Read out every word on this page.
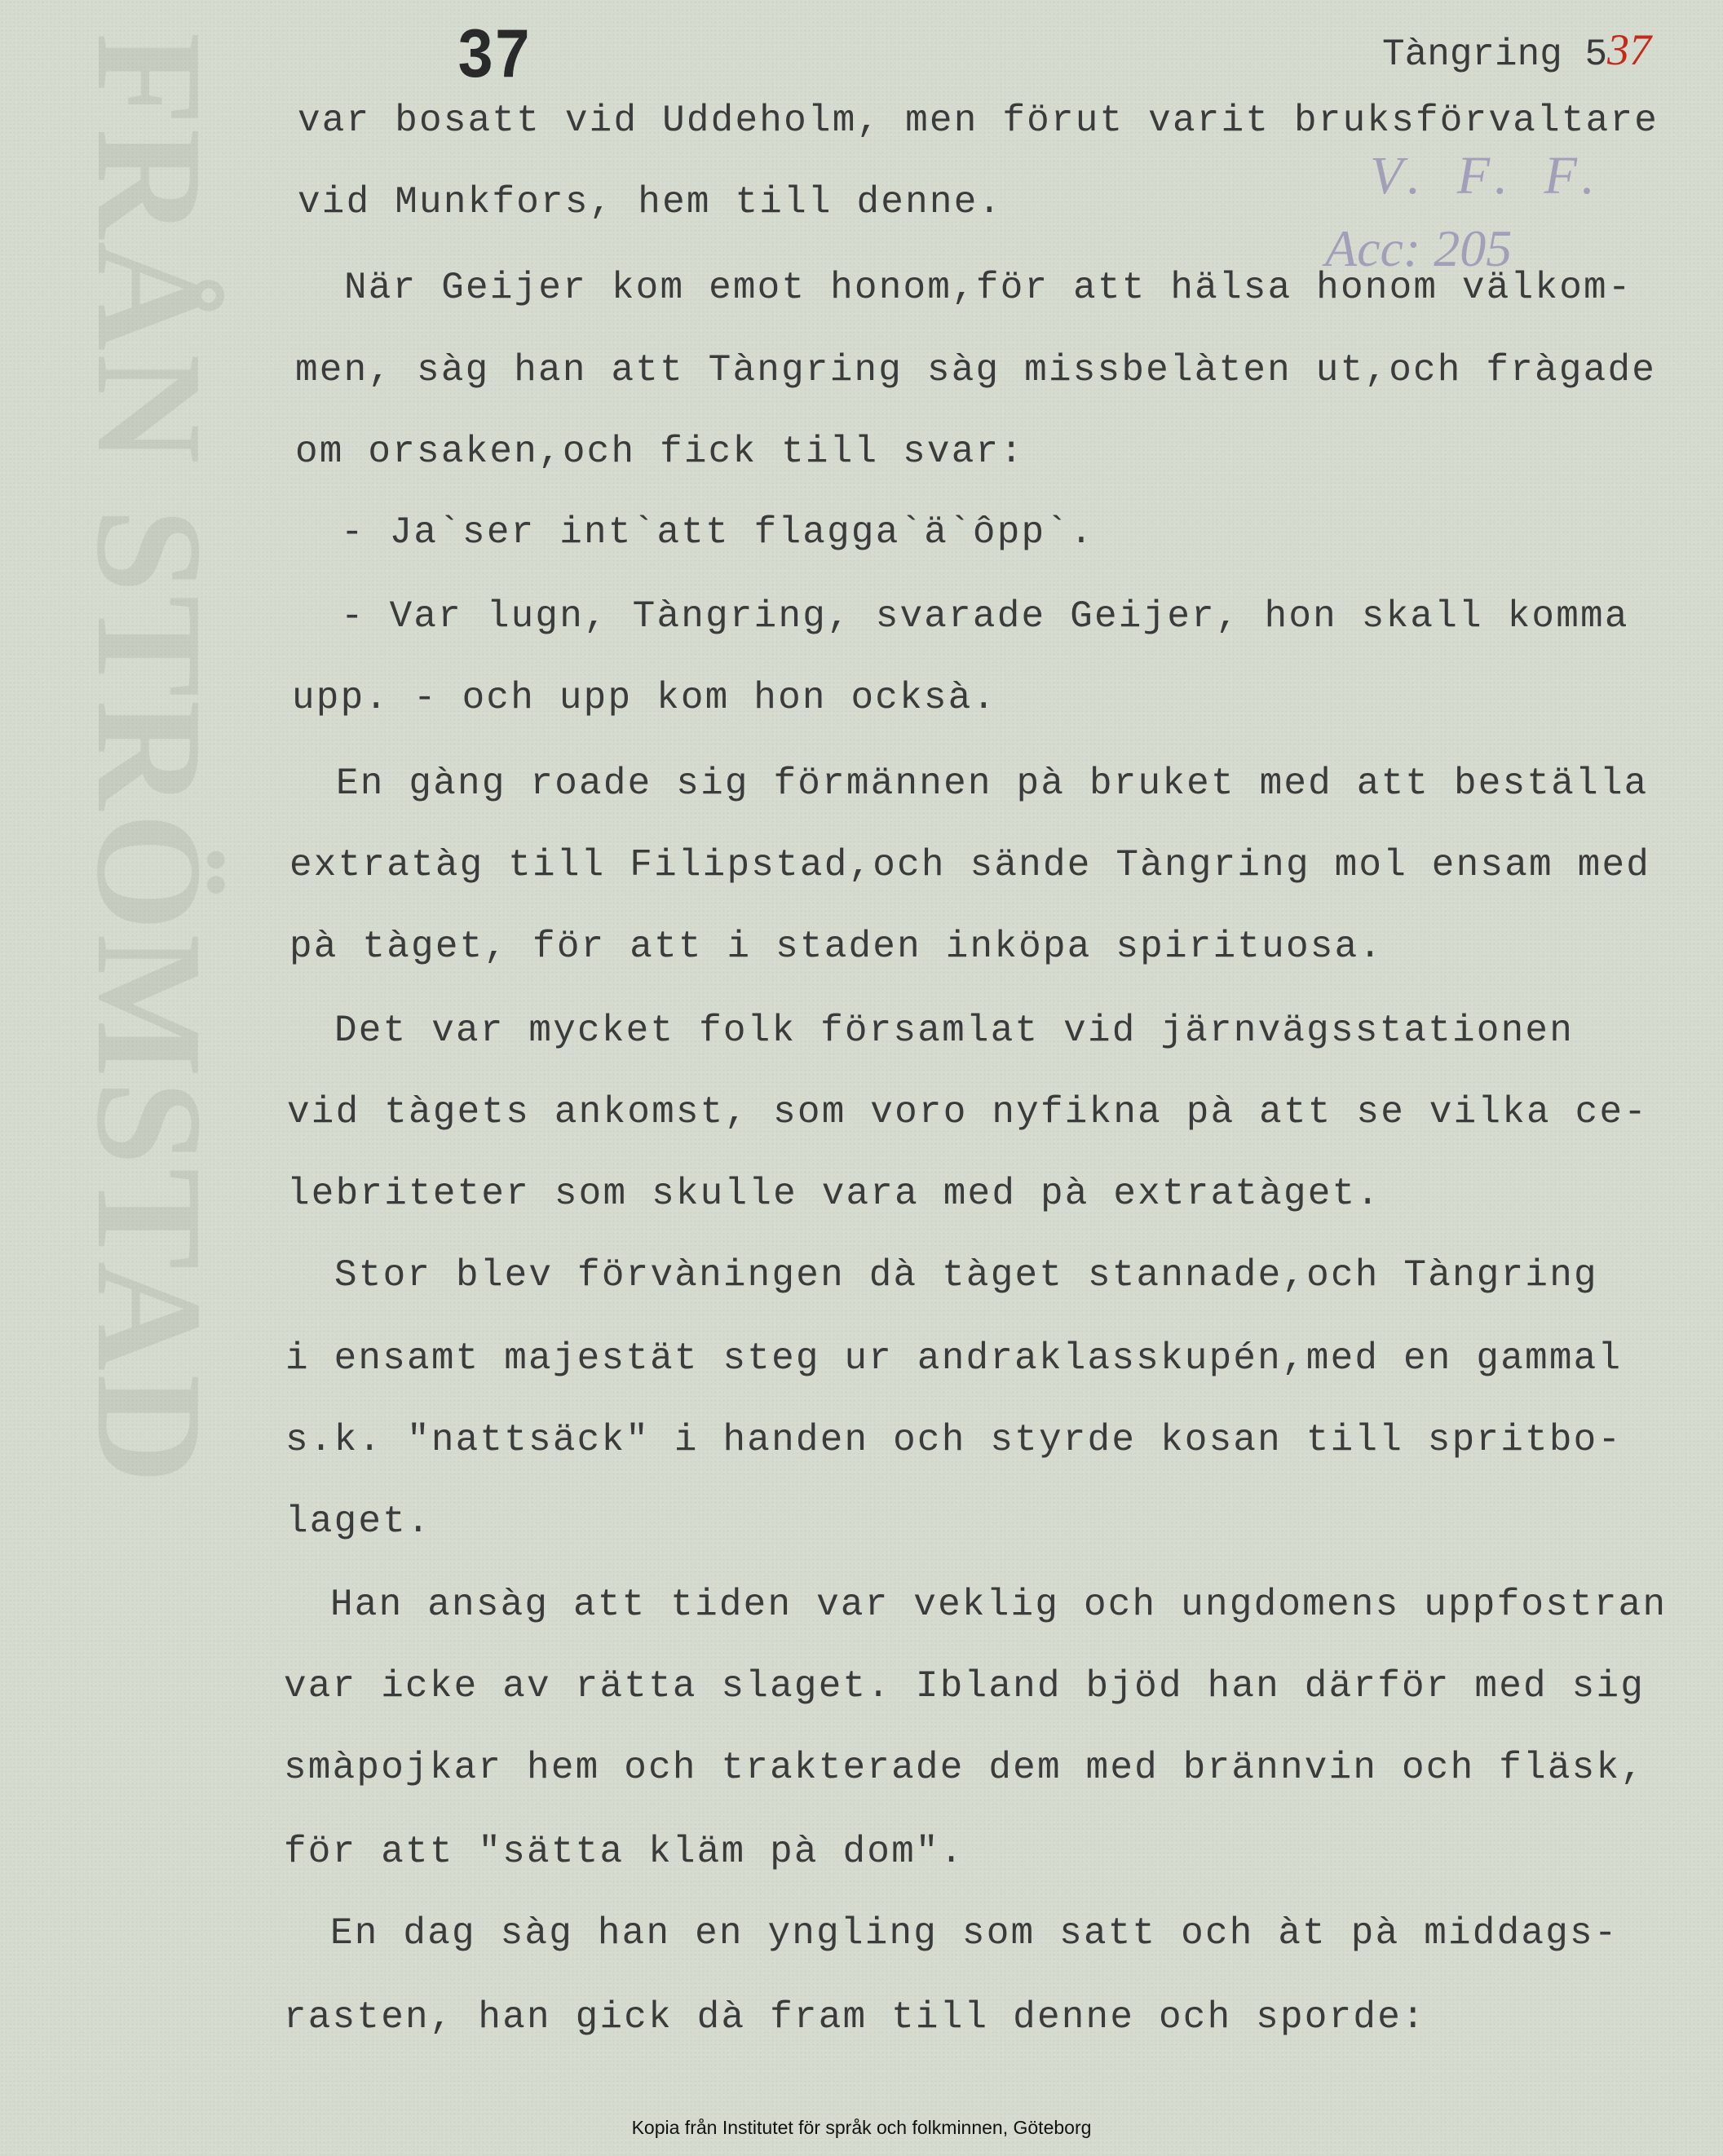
FRÅN STRÖMSTAD	37	Tàngring 537
V. F. F.
Acc: 205
var bosatt vid Uddeholm, men förut varit bruksförvaltare
vid Munkfors, hem till denne.
När Geijer kom emot honom,för att hälsa honom välkom-
men, sàg han att Tàngring sàg missbelàten ut,och fràgade
om orsaken,och fick till svar:
- Ja`ser int`att flagga`ä`ôpp`.
- Var lugn, Tàngring, svarade Geijer, hon skall komma
upp. - och upp kom hon ocksà.
En gàng roade sig förmännen pà bruket med att beställa
extratàg till Filipstad,och sände Tàngring mol ensam med
pà tàget, för att i staden inköpa spirituosa.
Det var mycket folk församlat vid järnvägsstationen
vid tàgets ankomst, som voro nyfikna pà att se vilka ce-
lebriteter som skulle vara med pà extratàget.
Stor blev förvàningen dà tàget stannade,och Tàngring
i ensamt majestät steg ur andraklasskupén,med en gammal
s.k. "nattsäck" i handen och styrde kosan till spritbo-
laget.
Han ansàg att tiden var veklig och ungdomens uppfostran
var icke av rätta slaget. Ibland bjöd han därför med sig
smàpojkar hem och trakterade dem med brännvin och fläsk,
för att "sätta kläm pà dom".
En dag sàg han en yngling som satt och àt pà middags-
rasten, han gick dà fram till denne och sporde:
Kopia från Institutet för språk och folkminnen, Göteborg
